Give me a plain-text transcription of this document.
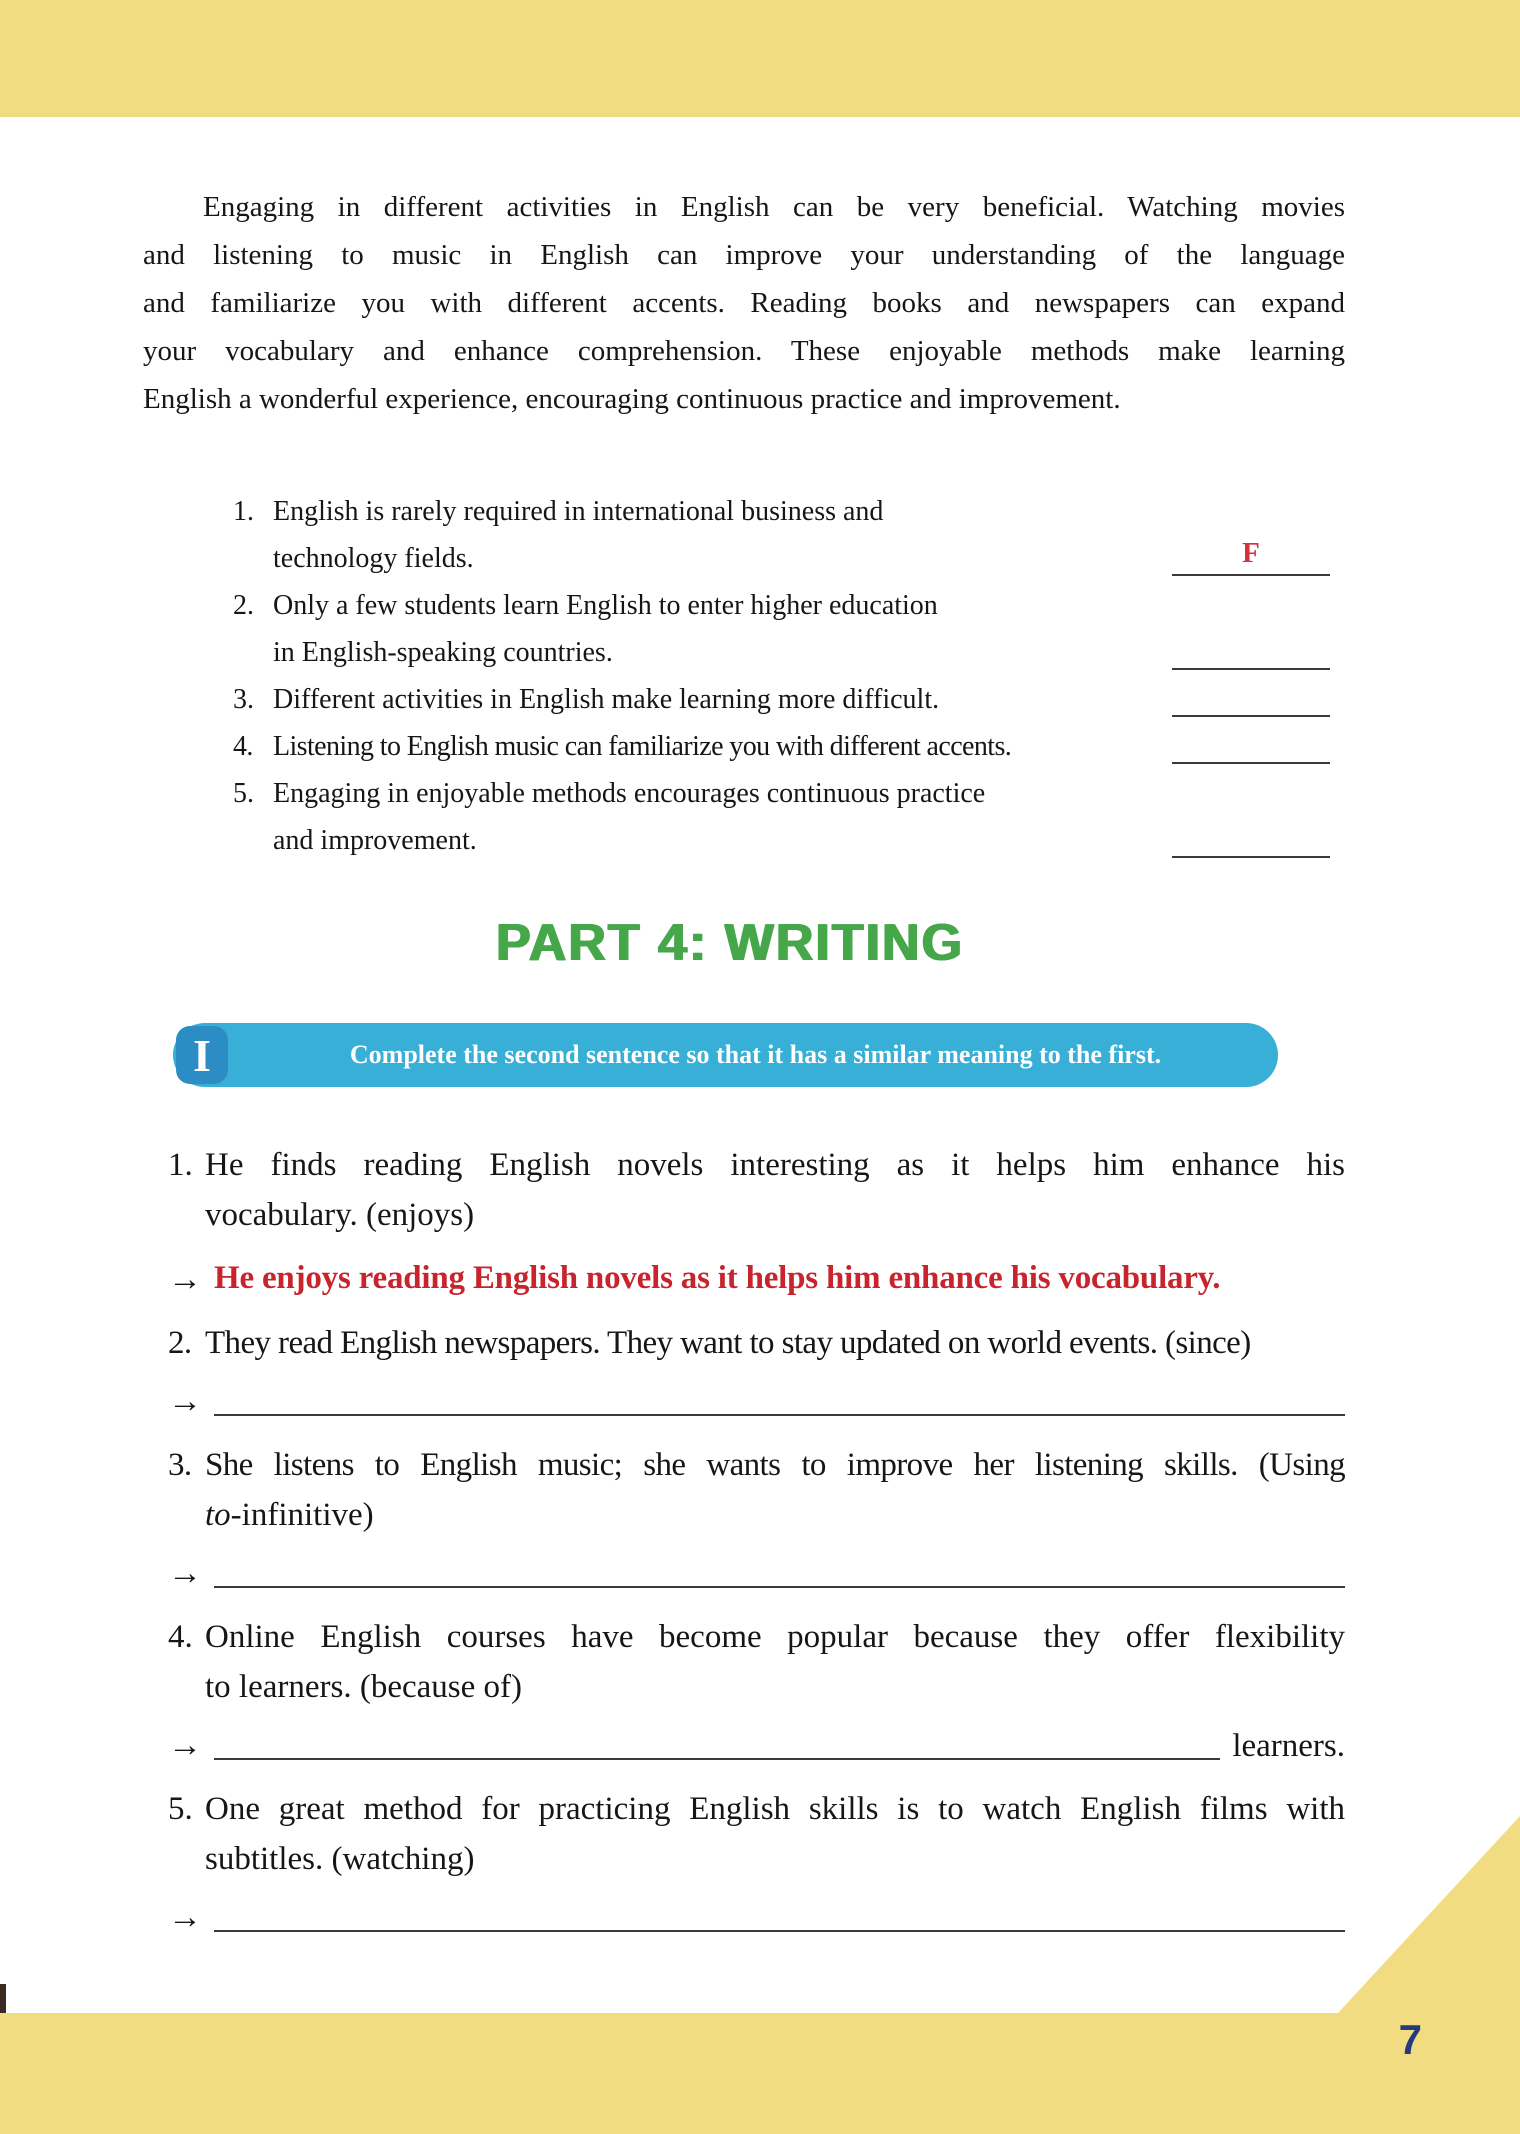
Engaging in different activities in English can be very beneficial. Watching movies
and listening to music in English can improve your understanding of the language
and familiarize you with different accents. Reading books and newspapers can expand
your vocabulary and enhance comprehension. These enjoyable methods make learning
English a wonderful experience, encouraging continuous practice and improvement.
1. English is rarely required in international business and
technology fields.	F
2. Only a few students learn English to enter higher education
in English-speaking countries.
3. Different activities in English make learning more difficult.
4. Listening to English music can familiarize you with different accents.
5. Engaging in enjoyable methods encourages continuous practice
and improvement.
PART 4: WRITING
I	Complete the second sentence so that it has a similar meaning to the first.
1. He finds reading English novels interesting as it helps him enhance his
vocabulary. (enjoys)
→ He enjoys reading English novels as it helps him enhance his vocabulary.
2. They read English newspapers. They want to stay updated on world events. (since)
→
3. She listens to English music; she wants to improve her listening skills. (Using
to-infinitive)
→
4. Online English courses have become popular because they offer flexibility
to learners. (because of)
→	learners.
5. One great method for practicing English skills is to watch English films with
subtitles. (watching)
→
7
